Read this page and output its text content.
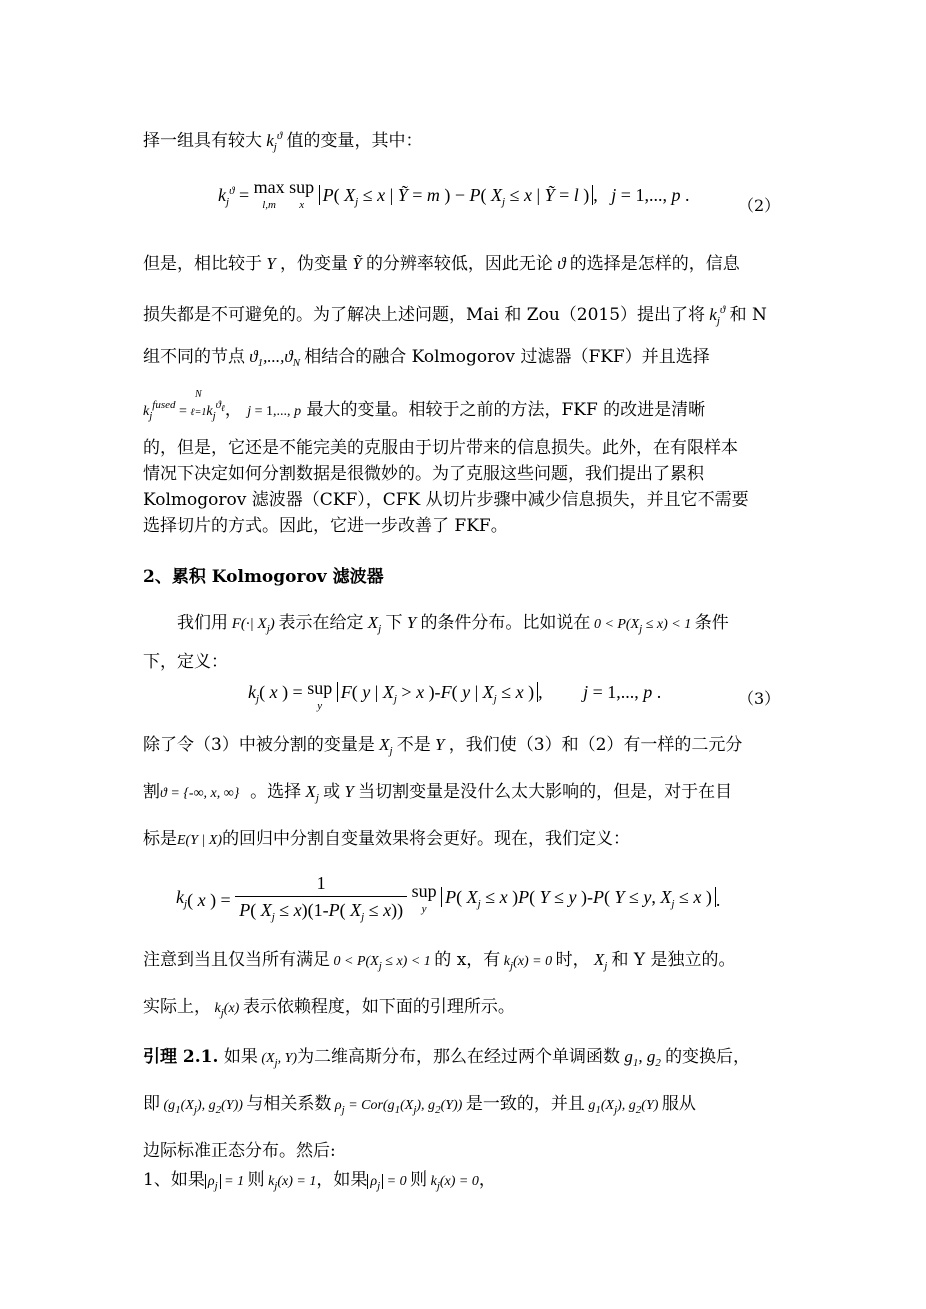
择一组具有较大 $k_j^ϑ$ 值的变量，其中：
$k_j^ϑ = \max$
l,m
sup
x	P( $X_j \le x$ | Ỹ = m ) − P( $X_j \le x$ | Ỹ = l ) ,   j = 1,..., p .
（2）
但是，相比较于 Y ，伪变量 Ỹ 的分辨率较低，因此无论 ϑ 的选择是怎样的，信息
损失都是不可避免的。为了解决上述问题，Mai 和 Zou（2015）提出了将 $k_j^ϑ$ 和 N
组不同的节点 $ϑ_1,...,ϑ_N$ 相结合的融合 Kolmogorov 过滤器（FKF）并且选择
$k_j^{fused} = N$
ℓ=1 $k_j^{ϑ_\ell}$， j = 1,..., p 最大的变量。相较于之前的方法，FKF 的改进是清晰
的，但是，它还是不能完美的克服由于切片带来的信息损失。此外，在有限样本
情况下决定如何分割数据是很微妙的。为了克服这些问题，我们提出了累积
Kolmogorov 滤波器（CKF），CFK 从切片步骤中减少信息损失，并且它不需要
选择切片的方式。因此，它进一步改善了 FKF。
2、累积 Kolmogorov 滤波器
我们用 F(·| $X_j$) 表示在给定 $X_j$ 下 Y 的条件分布。比如说在 $0 < P(X_j \le x) < 1$ 条件
下，定义：
$k_j$( x ) = sup
y
F( y | $X_j > x$ )-F( y | $X_j \le x$ ) ,         j = 1,..., p .	（3）
除了令（3）中被分割的变量是 $X_j$ 不是 Y ，我们使（3）和（2）有一样的二元分
割ϑ = {-∞, x, ∞} 。选择 $X_j$ 或 Y 当切割变量是没什么太大影响的，但是，对于在目
标是E(Y | X)的回归中分割自变量效果将会更好。现在，我们定义：
$k_j$( x ) = $\frac{1}{P( X_j \le x)(1-P( X_j \le x))}$ sup
y
P( $X_j \le x$ )P( Y ≤ y )-P( Y ≤ y, $X_j \le x$ ) .
注意到当且仅当所有满足 $0 < P(X_j \le x) < 1$ 的 x，有 $k_j(x) = 0$ 时， $X_j$ 和 Y 是独立的。
实际上， $k_j(x)$ 表示依赖程度，如下面的引理所示。
引理 2.1. 如果 ($X_j$, Y)为二维高斯分布，那么在经过两个单调函数 $g_1$, $g_2$ 的变换后，
即 ($g_1(X_j)$, $g_2(Y)$) 与相关系数 $\rho_j = Cor(g_1(X_j)$, $g_2(Y)$) 是一致的，并且 $g_1(X_j)$, $g_2(Y)$ 服从
边际标准正态分布。然后:
1、如果 $\rho_j = 1$ 则 $k_j(x) = 1$，如果 $\rho_j = 0$ 则 $k_j(x) = 0$，
